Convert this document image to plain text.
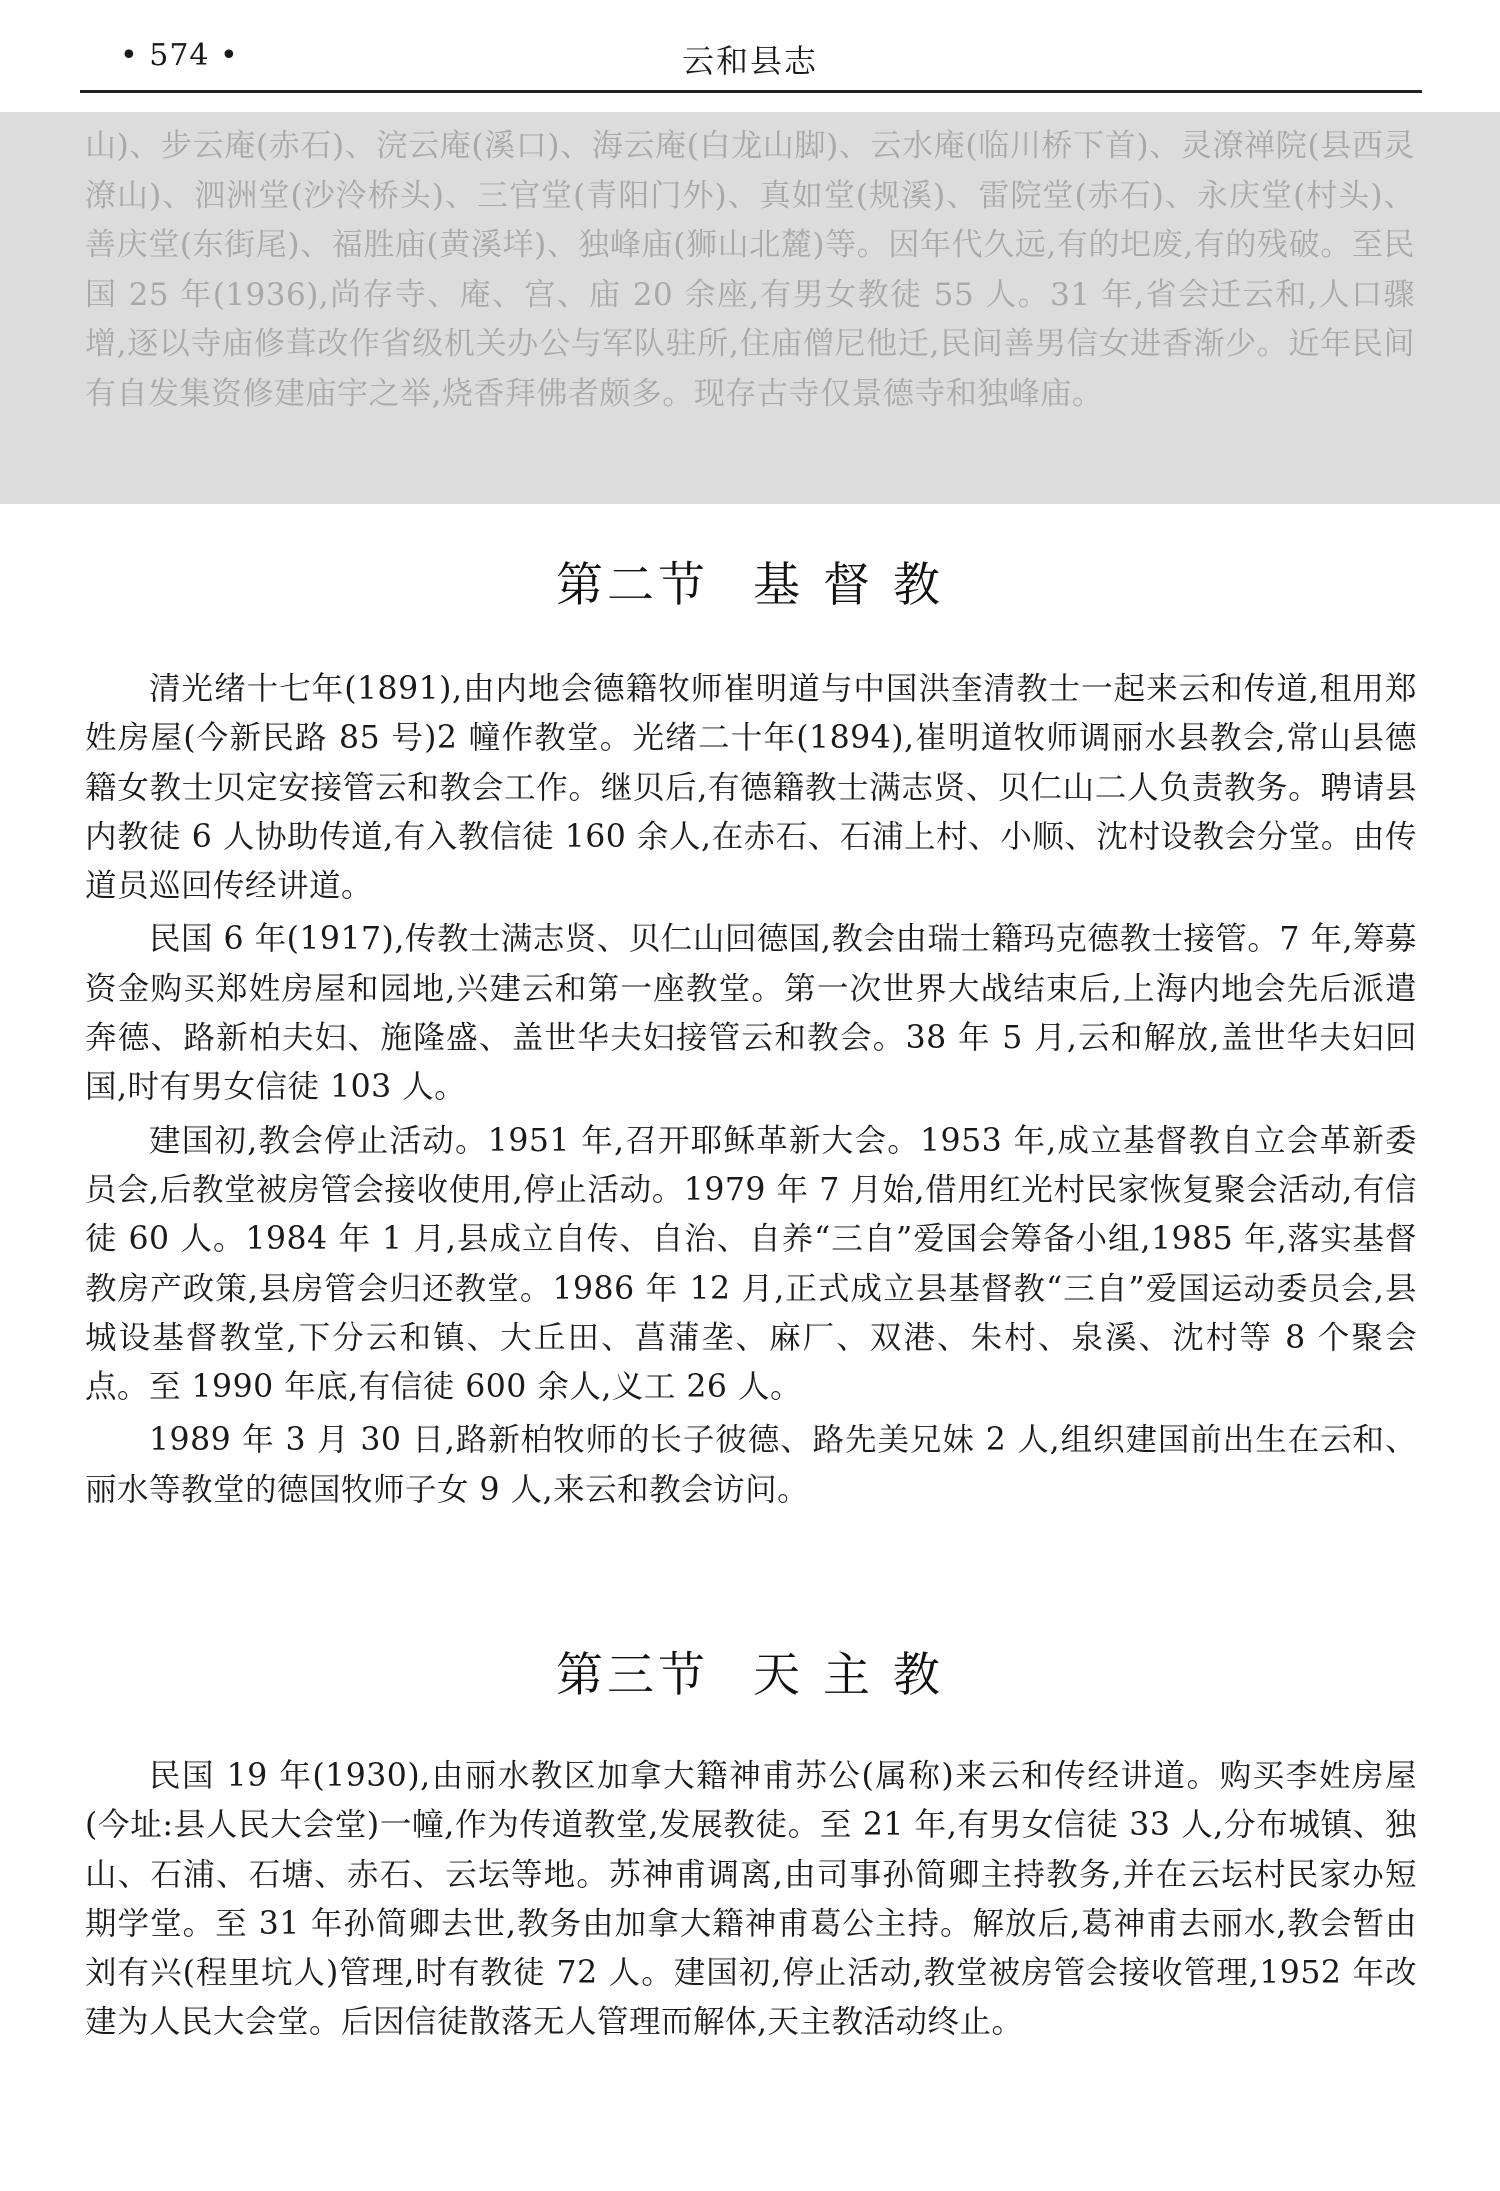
• 574 •	云和县志

山)、步云庵(赤石)、浣云庵(溪口)、海云庵(白龙山脚)、云水庵(临川桥下首)、灵潦禅院(县西灵潦山)、泗洲堂(沙泠桥头)、三官堂(青阳门外)、真如堂(规溪)、雷院堂(赤石)、永庆堂(村头)、善庆堂(东街尾)、福胜庙(黄溪垟)、独峰庙(狮山北麓)等。因年代久远,有的圯废,有的残破。至民国 25 年(1936),尚存寺、庵、宫、庙 20 余座,有男女教徒 55 人。31 年,省会迁云和,人口骤增,逐以寺庙修葺改作省级机关办公与军队驻所,住庙僧尼他迁,民间善男信女进香渐少。近年民间有自发集资修建庙宇之举,烧香拜佛者颇多。现存古寺仅景德寺和独峰庙。

第二节 基 督 教

清光绪十七年(1891),由内地会德籍牧师崔明道与中国洪奎清教士一起来云和传道,租用郑姓房屋(今新民路 85 号)2 幢作教堂。光绪二十年(1894),崔明道牧师调丽水县教会,常山县德籍女教士贝定安接管云和教会工作。继贝后,有德籍教士满志贤、贝仁山二人负责教务。聘请县内教徒 6 人协助传道,有入教信徒 160 余人,在赤石、石浦上村、小顺、沈村设教会分堂。由传道员巡回传经讲道。

民国 6 年(1917),传教士满志贤、贝仁山回德国,教会由瑞士籍玛克德教士接管。7 年,筹募资金购买郑姓房屋和园地,兴建云和第一座教堂。第一次世界大战结束后,上海内地会先后派遣奔德、路新柏夫妇、施隆盛、盖世华夫妇接管云和教会。38 年 5 月,云和解放,盖世华夫妇回国,时有男女信徒 103 人。

建国初,教会停止活动。1951 年,召开耶稣革新大会。1953 年,成立基督教自立会革新委员会,后教堂被房管会接收使用,停止活动。1979 年 7 月始,借用红光村民家恢复聚会活动,有信徒 60 人。1984 年 1 月,县成立自传、自治、自养“三自”爱国会筹备小组,1985 年,落实基督教房产政策,县房管会归还教堂。1986 年 12 月,正式成立县基督教“三自”爱国运动委员会,县城设基督教堂,下分云和镇、大丘田、菖蒲垄、麻厂、双港、朱村、泉溪、沈村等 8 个聚会点。至 1990 年底,有信徒 600 余人,义工 26 人。

1989 年 3 月 30 日,路新柏牧师的长子彼德、路先美兄妹 2 人,组织建国前出生在云和、丽水等教堂的德国牧师子女 9 人,来云和教会访问。

第三节 天 主 教

民国 19 年(1930),由丽水教区加拿大籍神甫苏公(属称)来云和传经讲道。购买李姓房屋(今址:县人民大会堂)一幢,作为传道教堂,发展教徒。至 21 年,有男女信徒 33 人,分布城镇、独山、石浦、石塘、赤石、云坛等地。苏神甫调离,由司事孙简卿主持教务,并在云坛村民家办短期学堂。至 31 年孙简卿去世,教务由加拿大籍神甫葛公主持。解放后,葛神甫去丽水,教会暂由刘有兴(程里坑人)管理,时有教徒 72 人。建国初,停止活动,教堂被房管会接收管理,1952 年改建为人民大会堂。后因信徒散落无人管理而解体,天主教活动终止。
